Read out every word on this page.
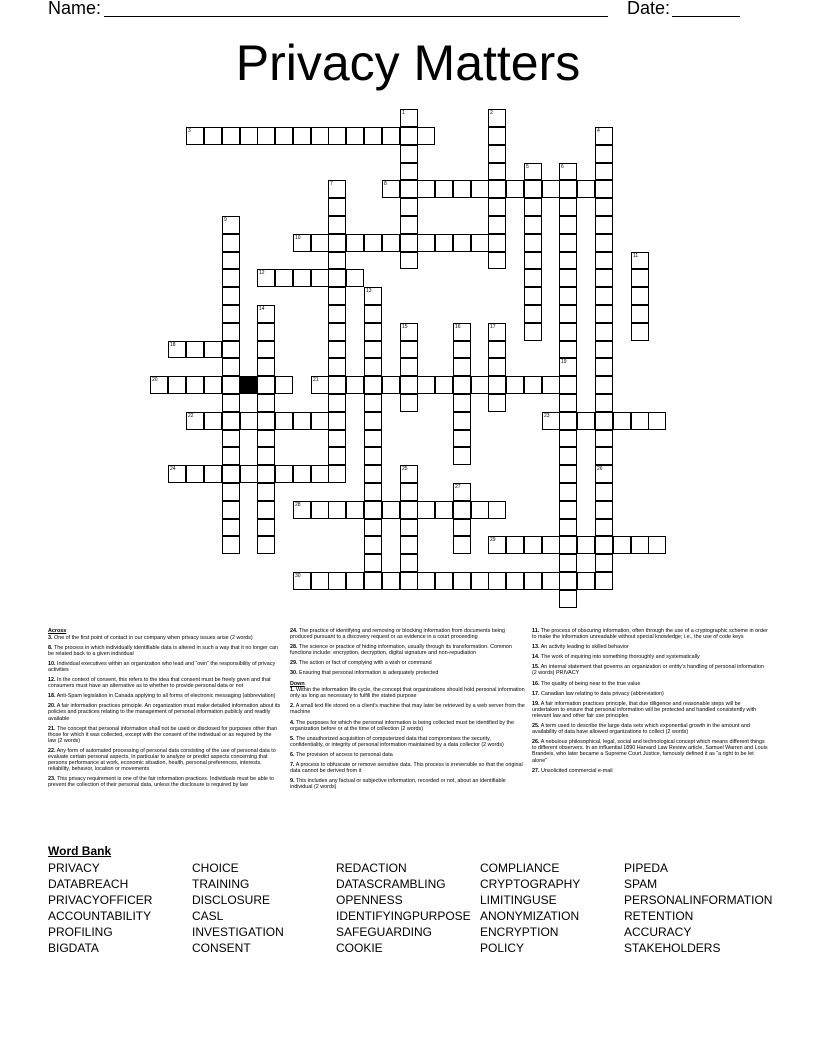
Name:	Date:
Privacy Matters
1	2
3	4
5	6
7	8
9
10
11
12
13
14
15	16	17
18
19
20	21
22	23
24	25	26
27
28
29
30
Across
3. One of the first point of contact in our company when privacy issues arise (2 words)
8. The process in which individually identifiable data is altered in such a way that it no longer can be related back to a given individual
10. Individual executives within an organization who lead and “own” the responsibility of privacy activities
12. In the context of consent, this refers to the idea that consent must be freely given and that consumers must have an alternative as to whether to provide personal data or not
18. Anti-Spam legislation in Canada applying to all forms of electronic messaging (abbreviation)
20. A fair information practices principle. An organization must make detailed information about its policies and practices relating to the management of personal information publicly and readily available
21. The concept that personal information shall not be used or disclosed for purposes other than those for which it was collected, except with the consent of the individual or as required by the law (2 words)
22. Any form of automated processing of personal data consisting of the use of personal data to evaluate certain personal aspects, in particular to analyze or predict aspects concerning that persons performance at work, economic situation, health, personal preferences, interests, reliability, behavior, location or movements
23. This privacy requirement is one of the fair information practices. Individuals must be able to prevent the collection of their personal data, unless the disclosure is required by law
24. The practice of identifying and removing or blocking information from documents being produced pursuant to a discovery request or as evidence in a court proceeding
28. The science or practice of hiding information, usually through its transformation. Common functions include: encryption, decryption, digital signature and non-repudiation
29. The action or fact of complying with a wish or command
30. Ensuring that personal information is adequately protected
Down
1. Within the information life cycle, the concept that organizations should hold personal information only as long as necessary to fulfill the stated purpose
2. A small text file stored on a client’s machine that may later be retrieved by a web server from the machine
4. The purposes for which the personal information is being collected must be identified by the organization before or at the time of collection (2 words)
5. The unauthorized acquisition of computerized data that compromises the security, confidentiality, or integrity of personal information maintained by a data collector (2 words)
6. The provision of access to personal data
7. A process to obfuscate or remove sensitive data. This process is irreversible so that the original data cannot be derived from it
9. This includes any factual or subjective information, recorded or not, about an identifiable individual (2 words)
11. The process of obscuring information, often through the use of a cryptographic scheme in order to make the information unreadable without special knowledge; i.e., the use of code keys
13. An activity leading to skilled behavior
14. The work of inquiring into something thoroughly and systematically
15. An internal statement that governs an organization or entity’s handling of personal information (2 words) PRIVACY
16. The quality of being near to the true value
17. Canadian law relating to data privacy (abbreviation)
19. A fair information practices principle, that due diligence and reasonable steps will be undertaken to ensure that personal information will be protected and handled consistently with relevant law and other fair use principles
25. A term used to describe the large data sets which exponential growth in the amount and availability of data have allowed organizations to collect (2 words)
26. A nebulous philosophical, legal, social and technological concept which means different things to different observers. In an influential 1890 Harvard Law Review article, Samuel Warren and Louis Brandeis, who later became a Supreme Court Justice, famously defined it as “a right to be let alone”
27. Unsolicited commercial e-mail
Word Bank
PRIVACY	CHOICE	REDACTION	COMPLIANCE	PIPEDA
DATABREACH	TRAINING	DATASCRAMBLING	CRYPTOGRAPHY	SPAM
PRIVACYOFFICER	DISCLOSURE	OPENNESS	LIMITINGUSE	PERSONALINFORMATION
ACCOUNTABILITY	CASL	IDENTIFYINGPURPOSE ANONYMIZATION	RETENTION
PROFILING	INVESTIGATION	SAFEGUARDING	ENCRYPTION	ACCURACY
BIGDATA	CONSENT	COOKIE	POLICY	STAKEHOLDERS
